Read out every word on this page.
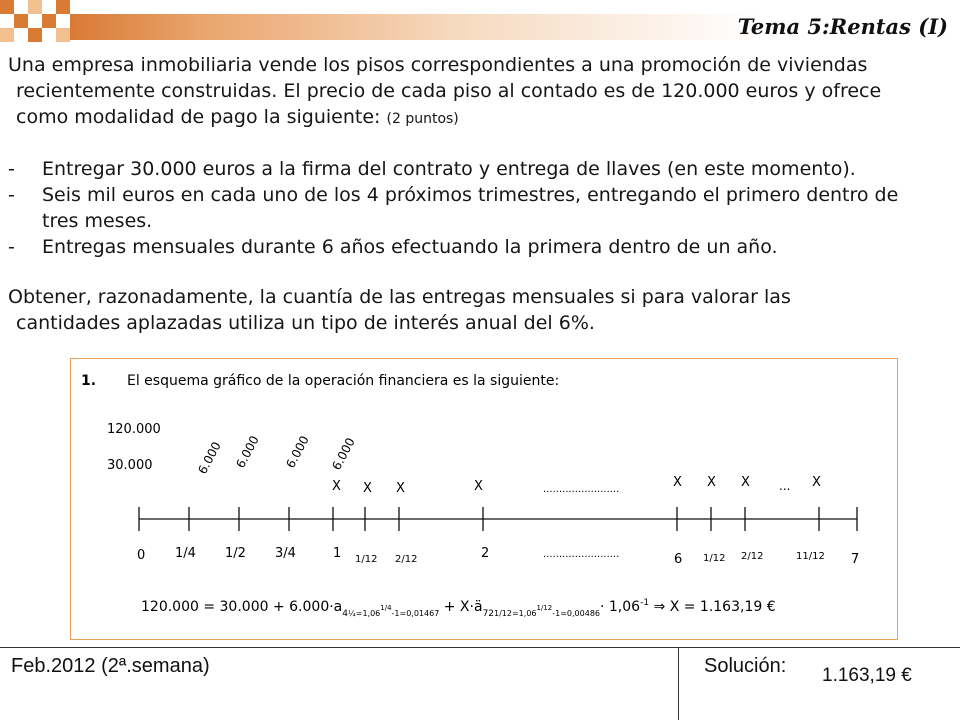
Tema 5:Rentas (I)

Una empresa inmobiliaria vende los pisos correspondientes a una promoción de viviendas

recientemente construidas. El precio de cada piso al contado es de 120.000 euros y ofrece

como modalidad de pago la siguiente: (2 puntos)

-	Entregar 30.000 euros a la firma del contrato y entrega de llaves (en este momento).

-	Seis mil euros en cada uno de los 4 próximos trimestres, entregando el primero dentro de

tres meses.

-	Entregas mensuales durante 6 años efectuando la primera dentro de un año.

Obtener, razonadamente, la cuantía de las entregas mensuales si para valorar las

cantidades aplazadas utiliza un tipo de interés anual del 6%.

1. El esquema gráfico de la operación financiera es la siguiente:
120.000
30.000	6.000 6.000 6.000 6.000
X X X	X	........................	X X X ... X
0 1/4 1/2 3/4	1 1/12 2/12	2	........................	6 1/12 2/12	11/12 7
$120.000 = 30.000 + 6.000\cdot a_4\frac{1}{4}=1,06^{1/4}_{-1=0,01467}$ + $X\cdot ä_{72}1/12=1,06^{1/12}_{-1=0,00486}\cdot 1,06^{-1}$ ⇒ X = 1.163,19 €
Feb.2012 (2ª.semana)	Solución: 1.163,19 €
